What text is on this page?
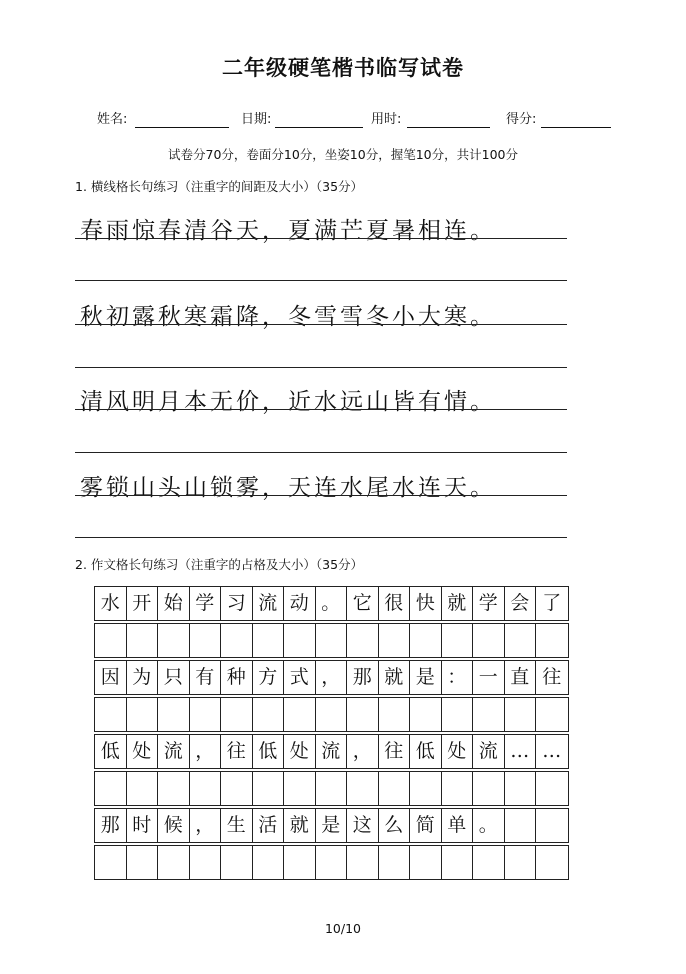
二年级硬笔楷书临写试卷
姓名:	日期:	用时:	得分:
试卷分70分，卷面分10分，坐姿10分，握笔10分，共计100分
1. 横线格长句练习（注重字的间距及大小）（35分）
春雨惊春清谷天，夏满芒夏暑相连。
秋初露秋寒霜降，冬雪雪冬小大寒。
清风明月本无价，近水远山皆有情。
雾锁山头山锁雾，天连水尾水连天。
2. 作文格长句练习（注重字的占格及大小）（35分）
水 开 始 学 习 流 动 。 它 很 快 就 学 会 了
因 为 只 有 种 方 式 ， 那 就 是 ： 一 直 往
低 处 流 ， 往 低 处 流 ， 往 低 处 流 … …
那 时 候 ， 生 活 就 是 这 么 简 单 。
10/10
